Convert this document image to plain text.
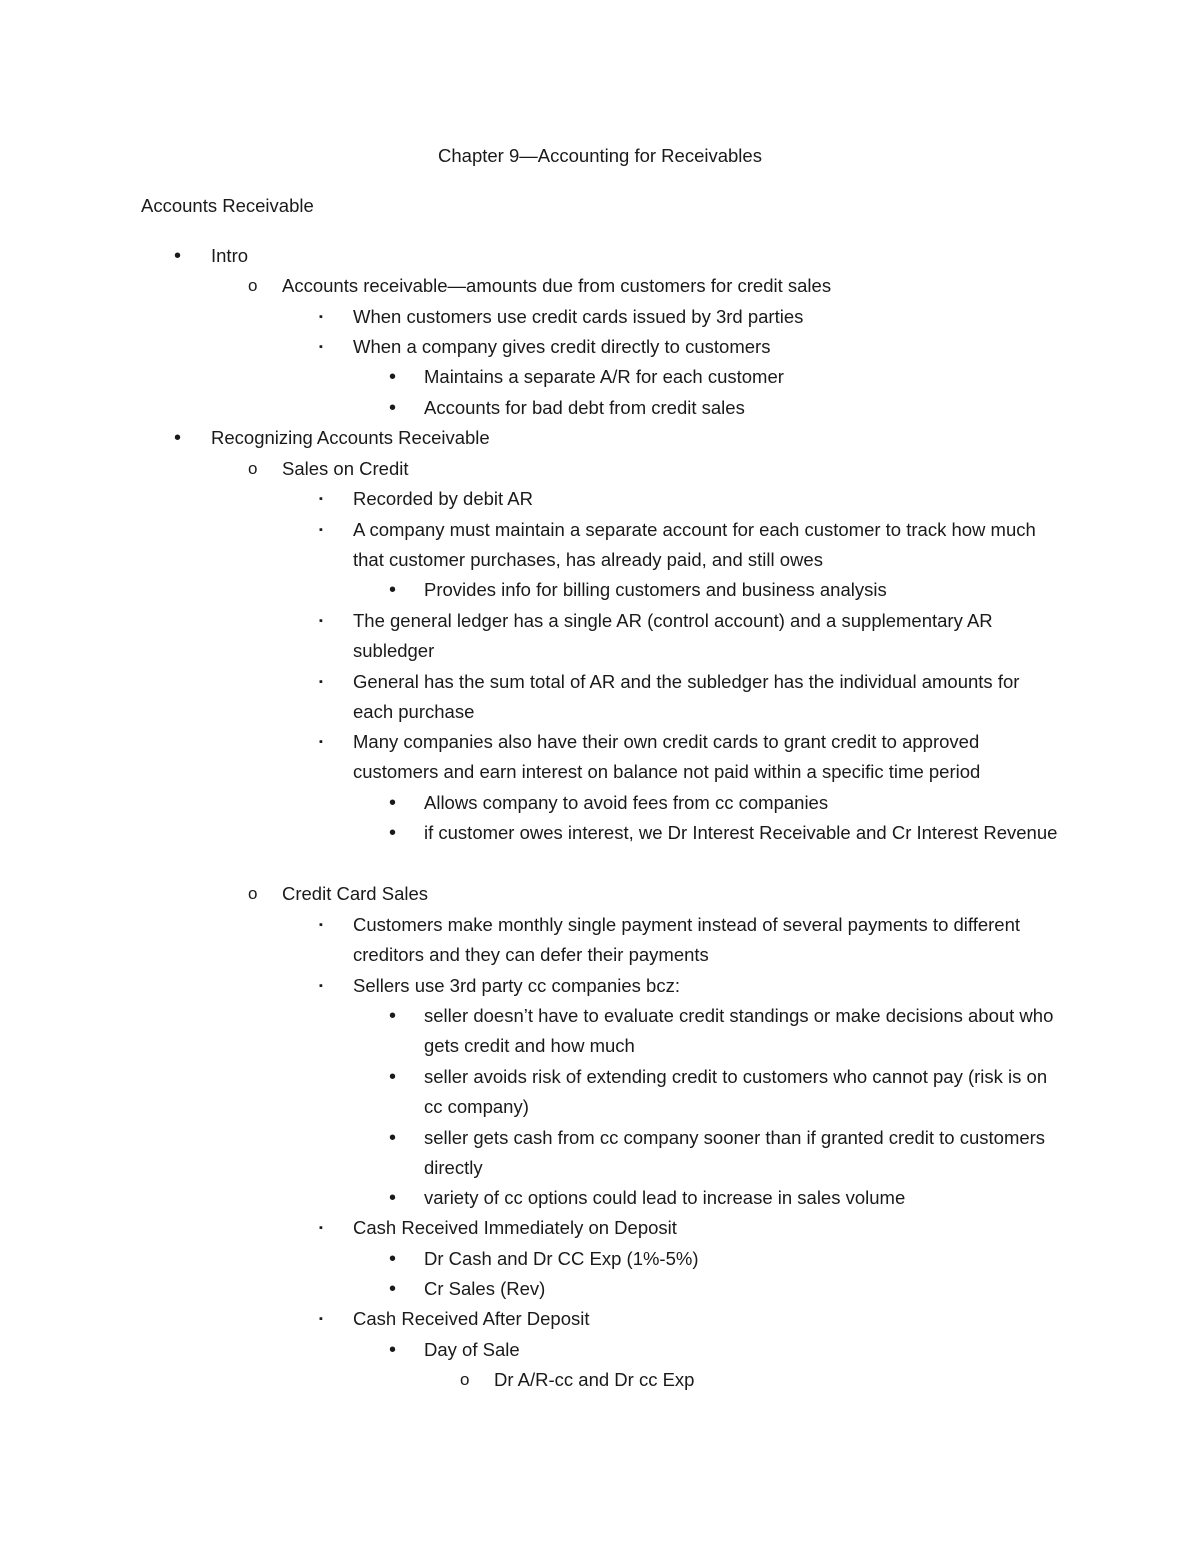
Chapter 9—Accounting for Receivables
Accounts Receivable
• Intro
o Accounts receivable—amounts due from customers for credit sales
▪ When customers use credit cards issued by 3rd parties
▪ When a company gives credit directly to customers
• Maintains a separate A/R for each customer
• Accounts for bad debt from credit sales
• Recognizing Accounts Receivable
o Sales on Credit
▪ Recorded by debit AR
▪ A company must maintain a separate account for each customer to track how much that customer purchases, has already paid, and still owes
• Provides info for billing customers and business analysis
▪ The general ledger has a single AR (control account) and a supplementary AR subledger
▪ General has the sum total of AR and the subledger has the individual amounts for each purchase
▪ Many companies also have their own credit cards to grant credit to approved customers and earn interest on balance not paid within a specific time period
• Allows company to avoid fees from cc companies
• if customer owes interest, we Dr Interest Receivable and Cr Interest Revenue
o Credit Card Sales
▪ Customers make monthly single payment instead of several payments to different creditors and they can defer their payments
▪ Sellers use 3rd party cc companies bcz:
• seller doesn’t have to evaluate credit standings or make decisions about who gets credit and how much
• seller avoids risk of extending credit to customers who cannot pay (risk is on cc company)
• seller gets cash from cc company sooner than if granted credit to customers directly
• variety of cc options could lead to increase in sales volume
▪ Cash Received Immediately on Deposit
• Dr Cash and Dr CC Exp (1%-5%)
• Cr Sales (Rev)
▪ Cash Received After Deposit
• Day of Sale
o Dr A/R-cc and Dr cc Exp
